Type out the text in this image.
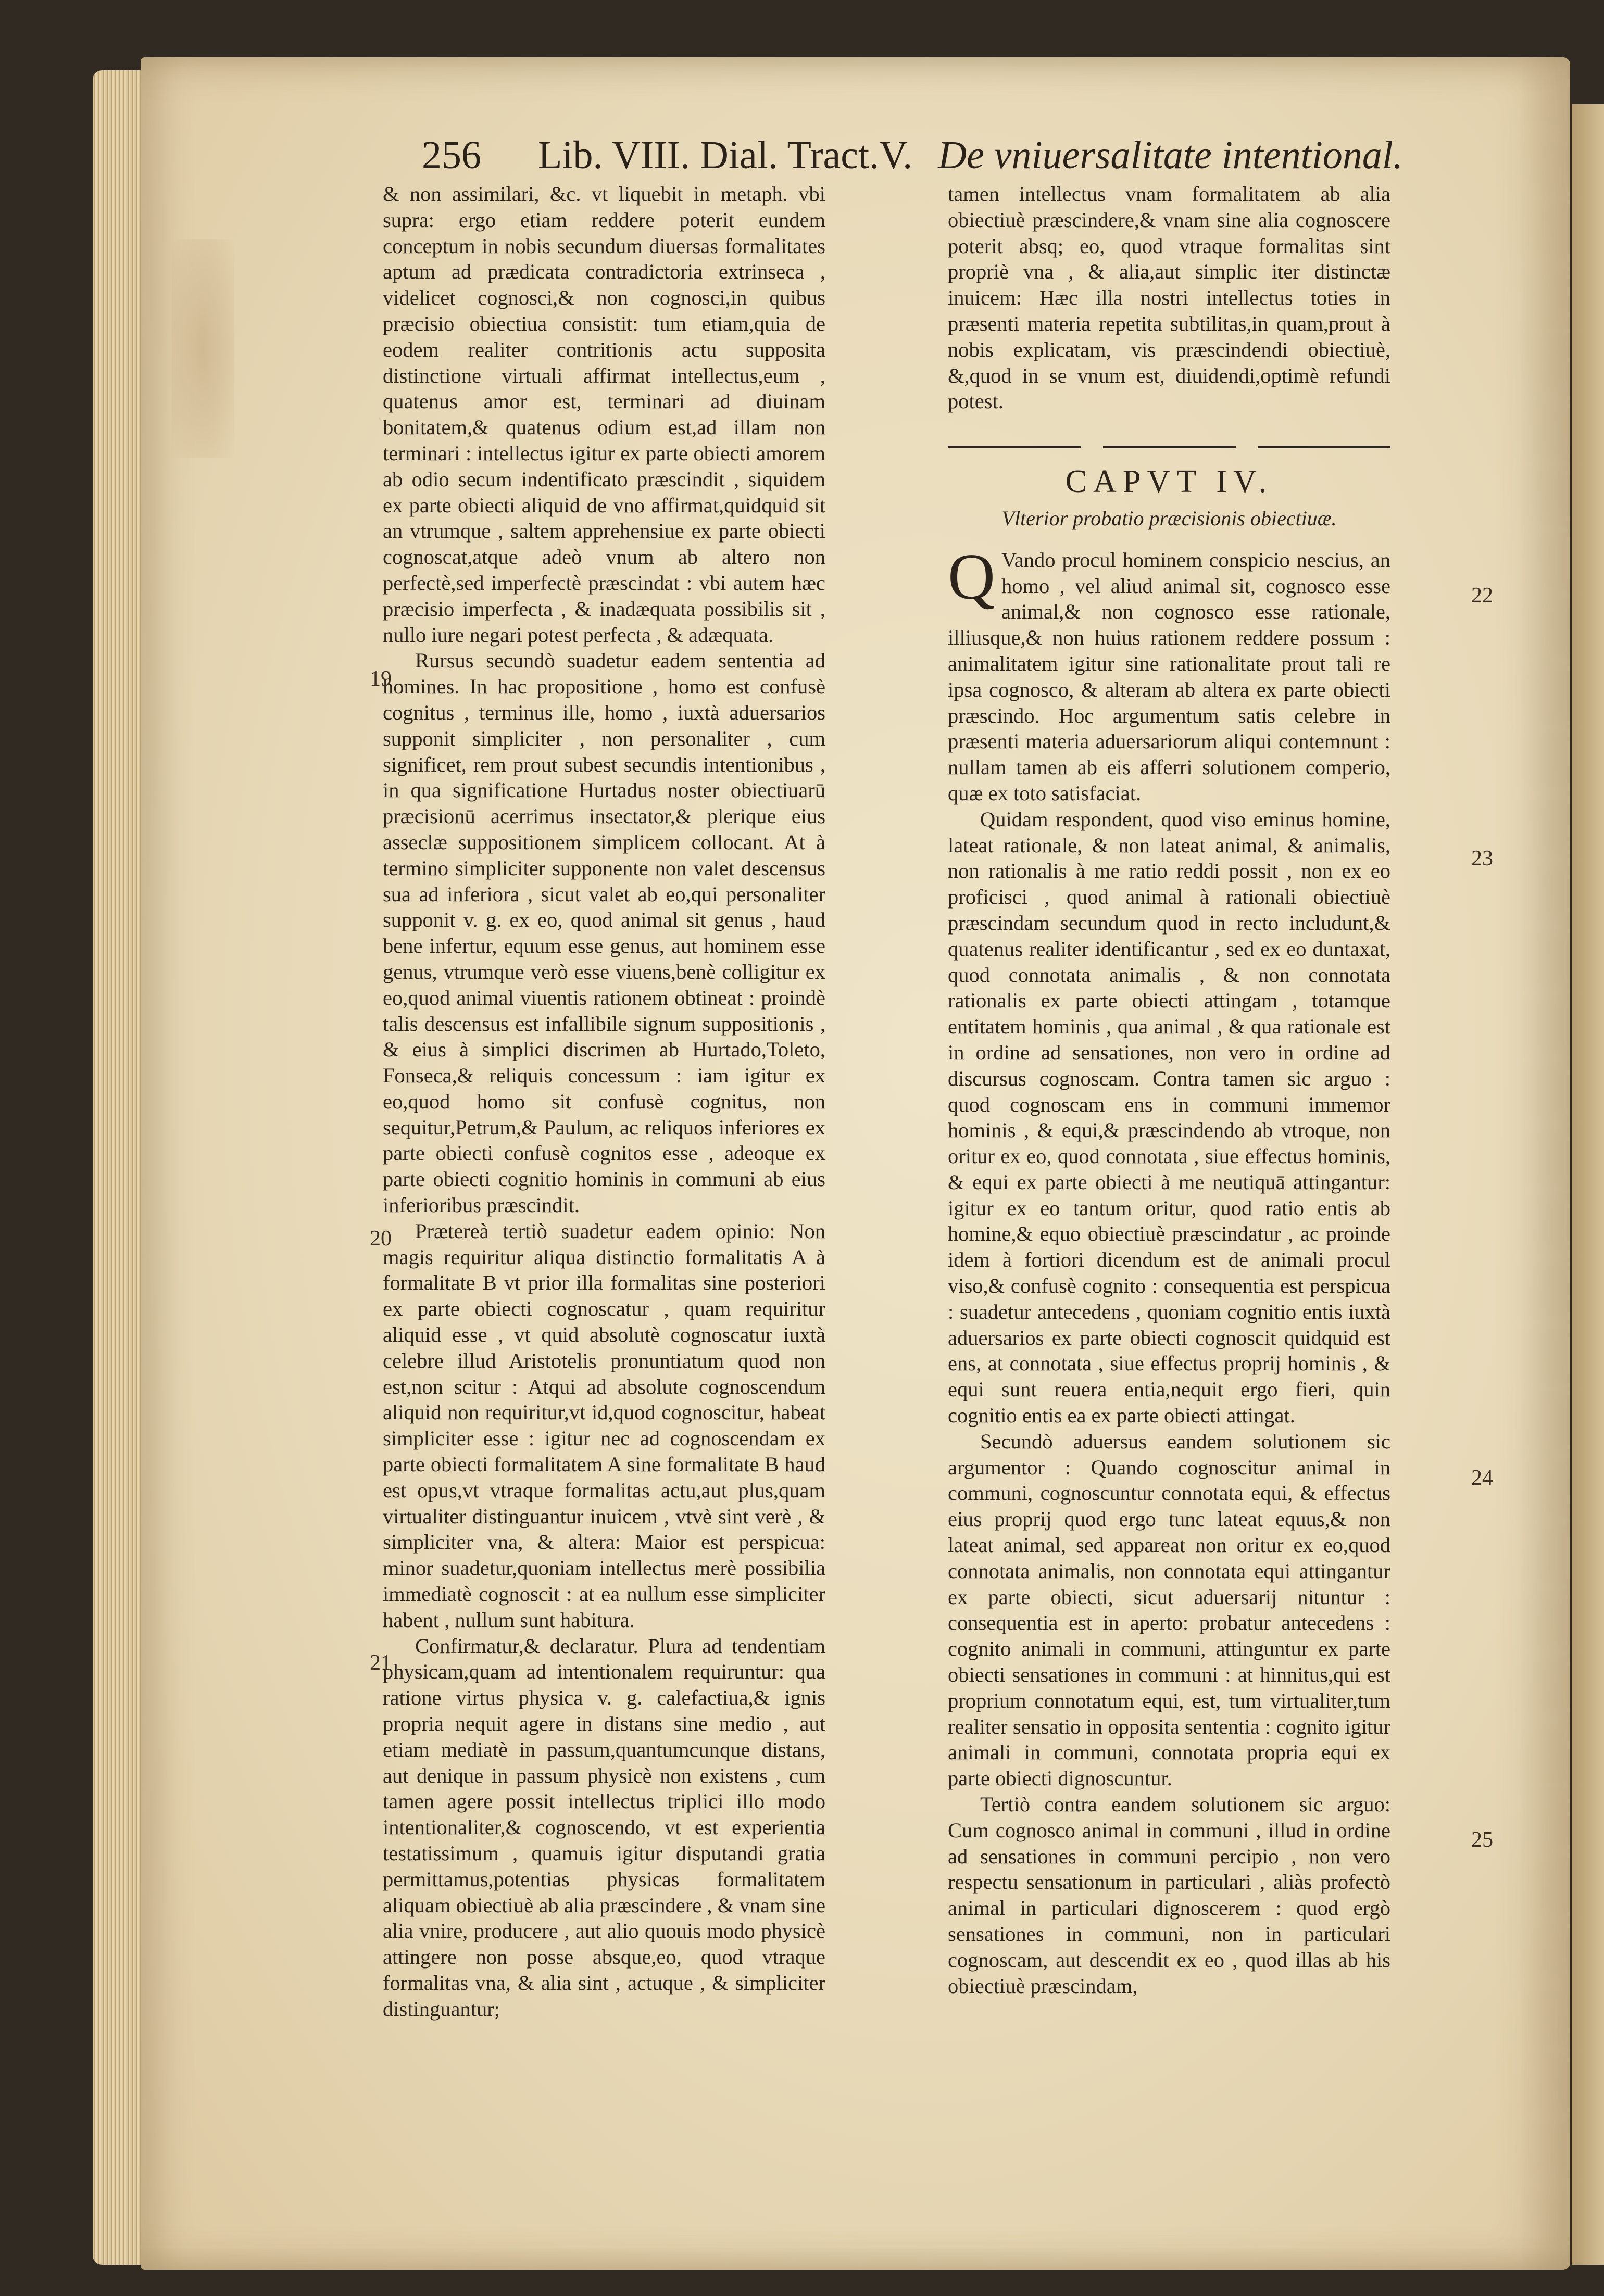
256 Lib. VIII. Dial. Tract.V. De vniuersalitate intentional.

& non assimilari, &c. vt liquebit in metaph. vbi supra: ergo etiam reddere poterit eundem conceptum in nobis secundum diuersas formalitates aptum ad prædicata contradictoria extrinseca , videlicet cognosci,& non cognosci,in quibus præcisio obiectiua consistit: tum etiam,quia de eodem realiter contritionis actu supposita distinctione virtuali affirmat intellectus,eum , quatenus amor est, terminari ad diuinam bonitatem,& quatenus odium est,ad illam non terminari : intellectus igitur ex parte obiecti amorem ab odio secum indentificato præscindit , siquidem ex parte obiecti aliquid de vno affirmat,quidquid sit an vtrumque , saltem apprehensiue ex parte obiecti cognoscat,atque adeò vnum ab altero non perfectè,sed imperfectè præscindat : vbi autem hæc præcisio imperfecta , & inadæquata possibilis sit , nullo iure negari potest perfecta , & adæquata.

Rursus secundò suadetur eadem sententia ad homines. In hac propositione , homo est confusè cognitus , terminus ille, homo , iuxtà aduersarios supponit simpliciter , non personaliter , cum significet, rem prout subest secundis intentionibus , in qua significatione Hurtadus noster obiectiuarū præcisionū acerrimus insectator,& plerique eius asseclæ suppositionem simplicem collocant. At à termino simpliciter supponente non valet descensus sua ad inferiora , sicut valet ab eo,qui personaliter supponit v. g. ex eo, quod animal sit genus , haud bene infertur, equum esse genus, aut hominem esse genus, vtrumque verò esse viuens,benè colligitur ex eo,quod animal viuentis rationem obtineat : proindè talis descensus est infallibile signum suppositionis , & eius à simplici discrimen ab Hurtado,Toleto, Fonseca,& reliquis concessum : iam igitur ex eo,quod homo sit confusè cognitus, non sequitur,Petrum,& Paulum, ac reliquos inferiores ex parte obiecti confusè cognitos esse , adeoque ex parte obiecti cognitio hominis in communi ab eius inferioribus præscindit.

Prætereà tertiò suadetur eadem opinio: Non magis requiritur aliqua distinctio formalitatis A à formalitate B vt prior illa formalitas sine posteriori ex parte obiecti cognoscatur , quam requiritur aliquid esse , vt quid absolutè cognoscatur iuxtà celebre illud Aristotelis pronuntiatum quod non est,non scitur : Atqui ad absolute cognoscendum aliquid non requiritur,vt id,quod cognoscitur, habeat simpliciter esse : igitur nec ad cognoscendam ex parte obiecti formalitatem A sine formalitate B haud est opus,vt vtraque formalitas actu,aut plus,quam virtualiter distinguantur inuicem , vtvè sint verè , & simpliciter vna, & altera: Maior est perspicua: minor suadetur,quoniam intellectus merè possibilia immediatè cognoscit : at ea nullum esse simpliciter habent , nullum sunt habitura.

Confirmatur,& declaratur. Plura ad tendentiam physicam,quam ad intentionalem requiruntur: qua ratione virtus physica v. g. calefactiua,& ignis propria nequit agere in distans sine medio , aut etiam mediatè in passum,quantumcunque distans, aut denique in passum physicè non existens , cum tamen agere possit intellectus triplici illo modo intentionaliter,& cognoscendo, vt est experientia testatissimum , quamuis igitur disputandi gratia permittamus,potentias physicas formalitatem aliquam obiectiuè ab alia præscindere , & vnam sine alia vnire, producere , aut alio quouis modo physicè attingere non posse absque,eo, quod vtraque formalitas vna, & alia sint , actuque , & simpliciter distinguantur;

tamen intellectus vnam formalitatem ab alia obiectiuè præscindere,& vnam sine alia cognoscere poterit absq; eo, quod vtraque formalitas sint propriè vna , & alia,aut simplic iter distinctæ inuicem: Hæc illa nostri intellectus toties in præsenti materia repetita subtilitas,in quam,prout à nobis explicatam, vis præscindendi obiectiuè, &,quod in se vnum est, diuidendi,optimè refundi potest.

CAPVT IV.
Vlterior probatio præcisionis obiectiuæ.

Q Vando procul hominem conspicio nescius, an homo , vel aliud animal sit, cognosco esse animal,& non cognosco esse rationale, illiusque,& non huius rationem reddere possum : animalitatem igitur sine rationalitate prout tali re ipsa cognosco, & alteram ab altera ex parte obiecti præscindo. Hoc argumentum satis celebre in præsenti materia aduersariorum aliqui contemnunt : nullam tamen ab eis afferri solutionem comperio, quæ ex toto satisfaciat.

Quidam respondent, quod viso eminus homine, lateat rationale, & non lateat animal, & animalis, non rationalis à me ratio reddi possit , non ex eo proficisci , quod animal à rationali obiectiuè præscindam secundum quod in recto includunt,& quatenus realiter identificantur , sed ex eo duntaxat, quod connotata animalis , & non connotata rationalis ex parte obiecti attingam , totamque entitatem hominis , qua animal , & qua rationale est in ordine ad sensationes, non vero in ordine ad discursus cognoscam. Contra tamen sic arguo : quod cognoscam ens in communi immemor hominis , & equi,& præscindendo ab vtroque, non oritur ex eo, quod connotata , siue effectus hominis, & equi ex parte obiecti à me neutiquā attingantur: igitur ex eo tantum oritur, quod ratio entis ab homine,& equo obiectiuè præscindatur , ac proinde idem à fortiori dicendum est de animali procul viso,& confusè cognito : consequentia est perspicua : suadetur antecedens , quoniam cognitio entis iuxtà aduersarios ex parte obiecti cognoscit quidquid est ens, at connotata , siue effectus proprij hominis , & equi sunt reuera entia,nequit ergo fieri, quin cognitio entis ea ex parte obiecti attingat.

Secundò aduersus eandem solutionem sic argumentor : Quando cognoscitur animal in communi, cognoscuntur connotata equi, & effectus eius proprij quod ergo tunc lateat equus,& non lateat animal, sed appareat non oritur ex eo,quod connotata animalis, non connotata equi attingantur ex parte obiecti, sicut aduersarij nituntur : consequentia est in aperto: probatur antecedens : cognito animali in communi, attinguntur ex parte obiecti sensationes in communi : at hinnitus,qui est proprium connotatum equi, est, tum virtualiter,tum realiter sensatio in opposita sententia : cognito igitur animali in communi, connotata propria equi ex parte obiecti dignoscuntur.

Tertiò contra eandem solutionem sic arguo: Cum cognosco animal in communi , illud in ordine ad sensationes in communi percipio , non vero respectu sensationum in particulari , aliàs profectò animal in particulari dignoscerem : quod ergò sensationes in communi, non in particulari cognoscam, aut descendit ex eo , quod illas ab his obiectiuè præscindam,

19
20
21
22
23
24
25
